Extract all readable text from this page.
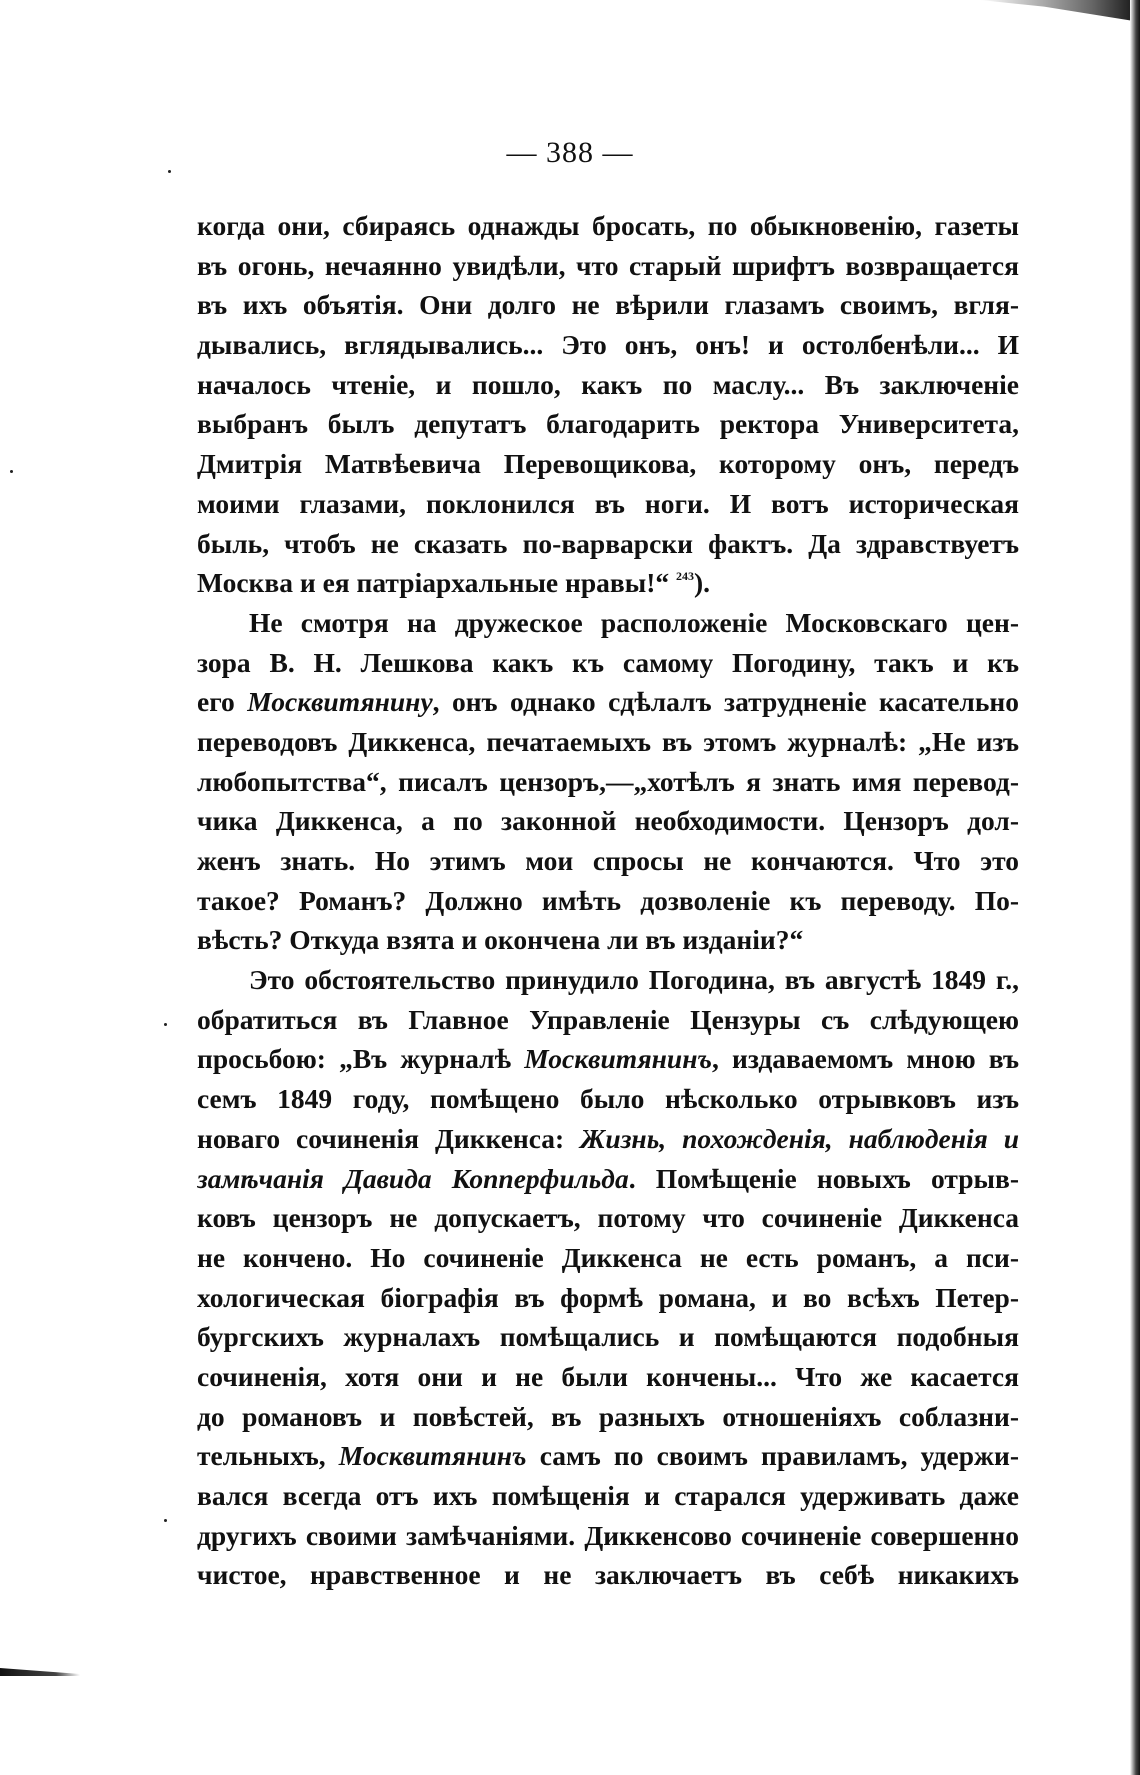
— 388 —
когда они, сбираясь однажды бросать, по обыкновенію, газеты
въ огонь, нечаянно увидѣли, что старый шрифтъ возвращается
въ ихъ объятія. Они долго не вѣрили глазамъ своимъ, вгля-
дывались, вглядывались... Это онъ, онъ! и остолбенѣли... И
началось чтеніе, и пошло, какъ по маслу... Въ заключеніе
выбранъ былъ депутатъ благодарить ректора Университета,
Дмитрія Матвѣевича Перевощикова, которому онъ, передъ
моими глазами, поклонился въ ноги. И вотъ историческая
быль, чтобъ не сказать по-варварски фактъ. Да здравствуетъ
Москва и ея патріархальные нравы!“ $^{243}$).
Не смотря на дружеское расположеніе Московскаго цен-
зора В. Н. Лешкова какъ къ самому Погодину, такъ и къ
его Москвитянину, онъ однако сдѣлалъ затрудненіе касательно
переводовъ Диккенса, печатаемыхъ въ этомъ журналѣ: „Не изъ
любопытства“, писалъ цензоръ,—„хотѣлъ я знать имя перевод-
чика Диккенса, а по законной необходимости. Цензоръ дол-
женъ знать. Но этимъ мои спросы не кончаются. Что это
такое? Романъ? Должно имѣть дозволеніе къ переводу. По-
вѣсть? Откуда взята и окончена ли въ изданіи?“
Это обстоятельство принудило Погодина, въ августѣ 1849 г.,
обратиться въ Главное Управленіе Цензуры съ слѣдующею
просьбою: „Въ журналѣ Москвитянинъ, издаваемомъ мною въ
семъ 1849 году, помѣщено было нѣсколько отрывковъ изъ
новаго сочиненія Диккенса: Жизнь, похожденія, наблюденія и
замѣчанія Давида Копперфильда. Помѣщеніе новыхъ отрыв-
ковъ цензоръ не допускаетъ, потому что сочиненіе Диккенса
не кончено. Но сочиненіе Диккенса не есть романъ, а пси-
хологическая біографія въ формѣ романа, и во всѣхъ Петер-
бургскихъ журналахъ помѣщались и помѣщаются подобныя
сочиненія, хотя они и не были кончены... Что же касается
до романовъ и повѣстей, въ разныхъ отношеніяхъ соблазни-
тельныхъ, Москвитянинъ самъ по своимъ правиламъ, удержи-
вался всегда отъ ихъ помѣщенія и старался удерживать даже
другихъ своими замѣчаніями. Диккенсово сочиненіе совершенно
чистое, нравственное и не заключаетъ въ себѣ никакихъ
